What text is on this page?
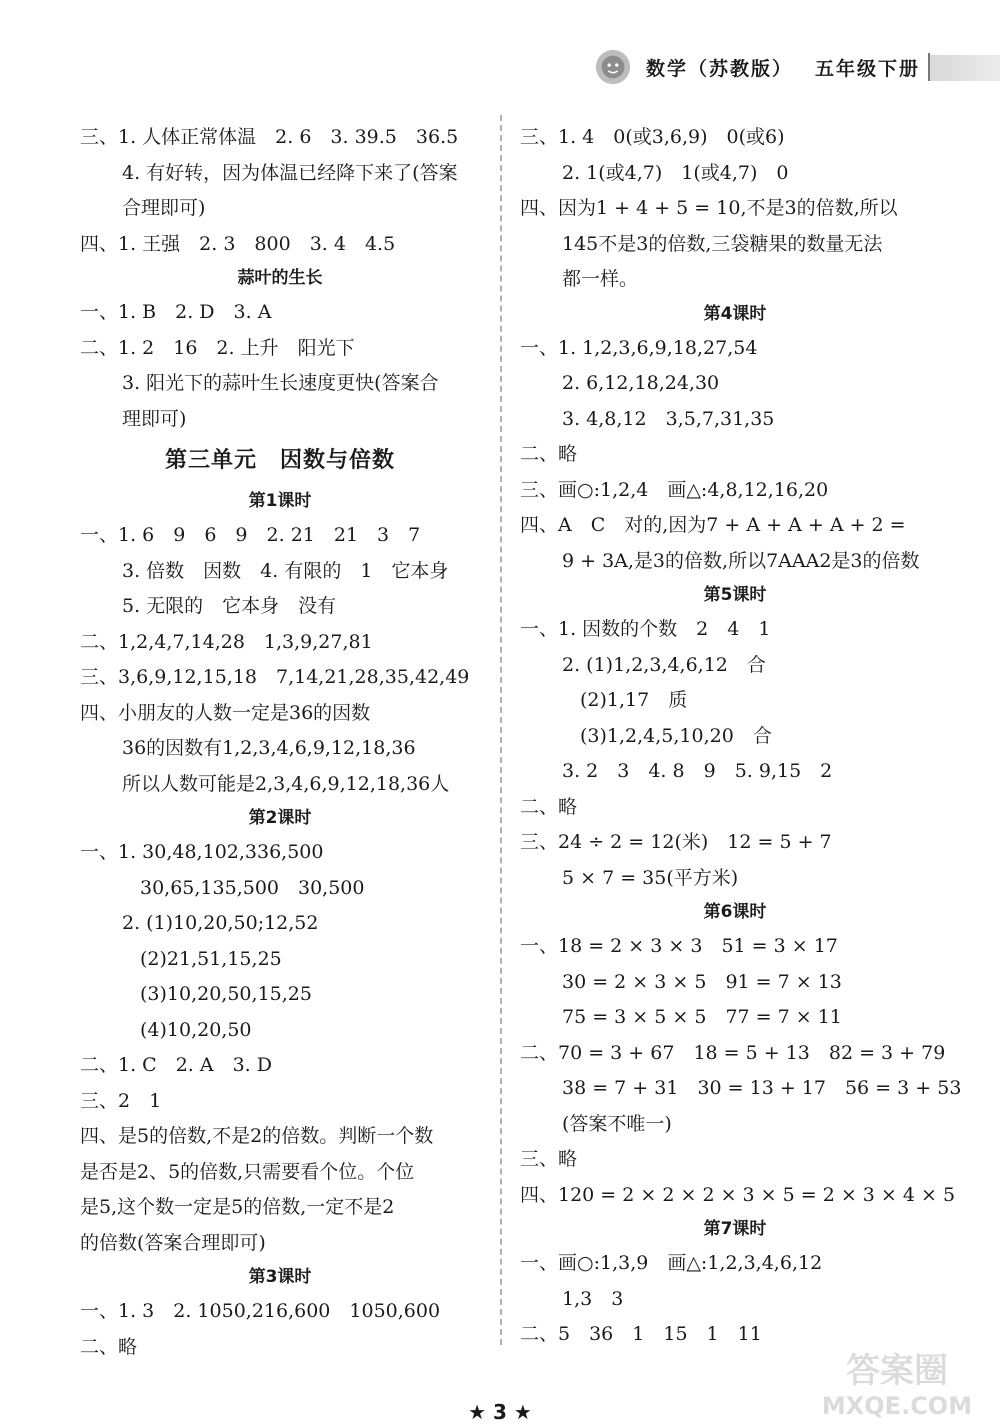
数学（苏教版） 五年级下册
三、1. 人体正常体温　2. 6　3. 39.5　36.5
4. 有好转，因为体温已经降下来了(答案
合理即可)
四、1. 王强　2. 3　800　3. 4　4.5
蒜叶的生长
一、1. B　2. D　3. A
二、1. 2　16　2. 上升　阳光下
3. 阳光下的蒜叶生长速度更快(答案合
理即可)
第三单元　因数与倍数
第1课时
一、1. 6　9　6　9　2. 21　21　3　7
3. 倍数　因数　4. 有限的　1　它本身
5. 无限的　它本身　没有
二、1,2,4,7,14,28　1,3,9,27,81
三、3,6,9,12,15,18　7,14,21,28,35,42,49
四、小朋友的人数一定是36的因数
36的因数有1,2,3,4,6,9,12,18,36
所以人数可能是2,3,4,6,9,12,18,36人
第2课时
一、1. 30,48,102,336,500
30,65,135,500　30,500
2. (1)10,20,50;12,52
(2)21,51,15,25
(3)10,20,50,15,25
(4)10,20,50
二、1. C　2. A　3. D
三、2　1
四、是5的倍数,不是2的倍数。判断一个数
是否是2、5的倍数,只需要看个位。个位
是5,这个数一定是5的倍数,一定不是2
的倍数(答案合理即可)
第3课时
一、1. 3　2. 1050,216,600　1050,600
二、略
三、1. 4　0(或3,6,9)　0(或6)
2. 1(或4,7)　1(或4,7)　0
四、因为1 + 4 + 5 = 10,不是3的倍数,所以
145不是3的倍数,三袋糖果的数量无法
都一样。
第4课时
一、1. 1,2,3,6,9,18,27,54
2. 6,12,18,24,30
3. 4,8,12　3,5,7,31,35
二、略
三、画○:1,2,4　画△:4,8,12,16,20
四、A　C　对的,因为7 + A + A + A + 2 =
9 + 3A,是3的倍数,所以7AAA2是3的倍数
第5课时
一、1. 因数的个数　2　4　1
2. (1)1,2,3,4,6,12　合
(2)1,17　质
(3)1,2,4,5,10,20　合
3. 2　3　4. 8　9　5. 9,15　2
二、略
三、24 ÷ 2 = 12(米)　12 = 5 + 7
5 × 7 = 35(平方米)
第6课时
一、18 = 2 × 3 × 3　51 = 3 × 17
30 = 2 × 3 × 5　91 = 7 × 13
75 = 3 × 5 × 5　77 = 7 × 11
二、70 = 3 + 67　18 = 5 + 13　82 = 3 + 79
38 = 7 + 31　30 = 13 + 17　56 = 3 + 53
(答案不唯一)
三、略
四、120 = 2 × 2 × 2 × 3 × 5 = 2 × 3 × 4 × 5
第7课时
一、画○:1,3,9　画△:1,2,3,4,6,12
1,3　3
二、5　36　1　15　1　11
★ 3 ★
答案圈
MXQE.COM
